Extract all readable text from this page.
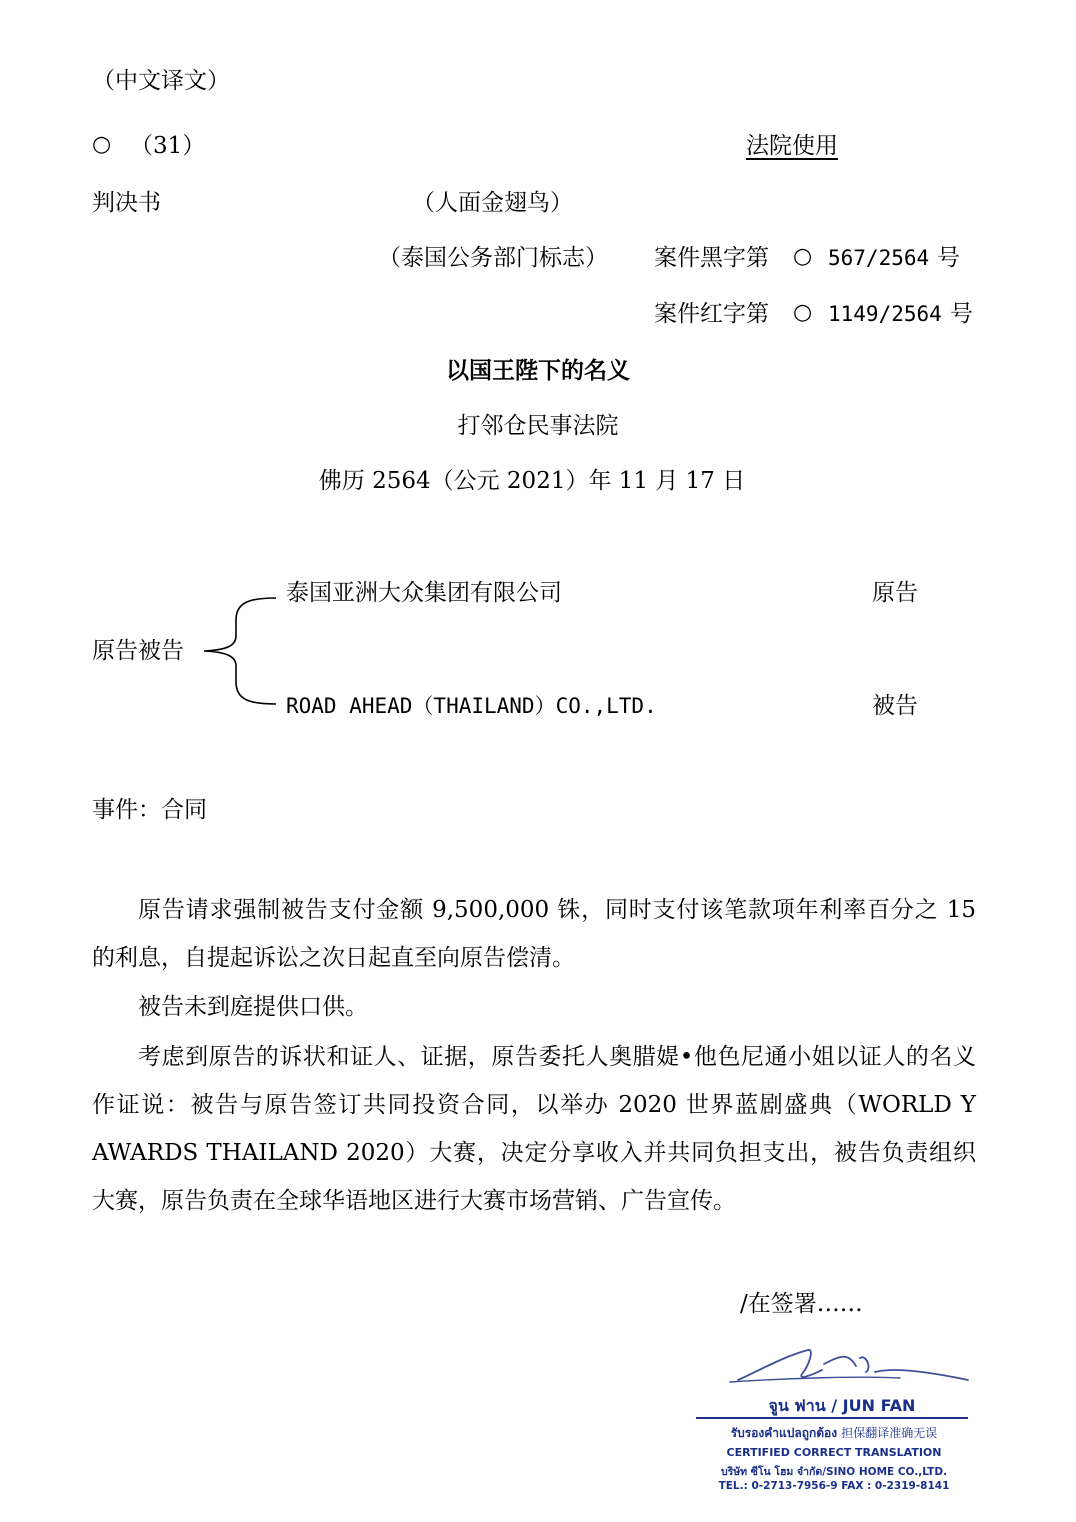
（中文译文）
○ （31）	法院使用
判决书	（人面金翅鸟）
（泰国公务部门标志） 案件黑字第 ○ 567/2564 号
案件红字第 ○ 1149/2564 号
以国王陛下的名义
打邻仓民事法院
佛历 2564（公元 2021）年 11 月 17 日
原告被告
泰国亚洲大众集团有限公司	原告
ROAD AHEAD（THAILAND）CO.,LTD.	被告
事件：合同

原告请求强制被告支付金额 9,500,000 铢，同时支付该笔款项年利率百分之 15 的利息，自提起诉讼之次日起直至向原告偿清。

被告未到庭提供口供。

考虑到原告的诉状和证人、证据，原告委托人奥腊媞•他色尼通小姐以证人的名义作证说：被告与原告签订共同投资合同，以举办 2020 世界蓝剧盛典（WORLD Y AWARDS THAILAND 2020）大赛，决定分享收入并共同负担支出，被告负责组织大赛，原告负责在全球华语地区进行大赛市场营销、广告宣传。

/在签署……
จูน ฟาน / JUN FAN
รับรองคำแปลถูกต้อง 担保翻译准确无误
CERTIFIED CORRECT TRANSLATION
บริษัท ซีโน โฮม จำกัด/SINO HOME CO.,LTD.
TEL.: 0-2713-7956-9 FAX : 0-2319-8141
